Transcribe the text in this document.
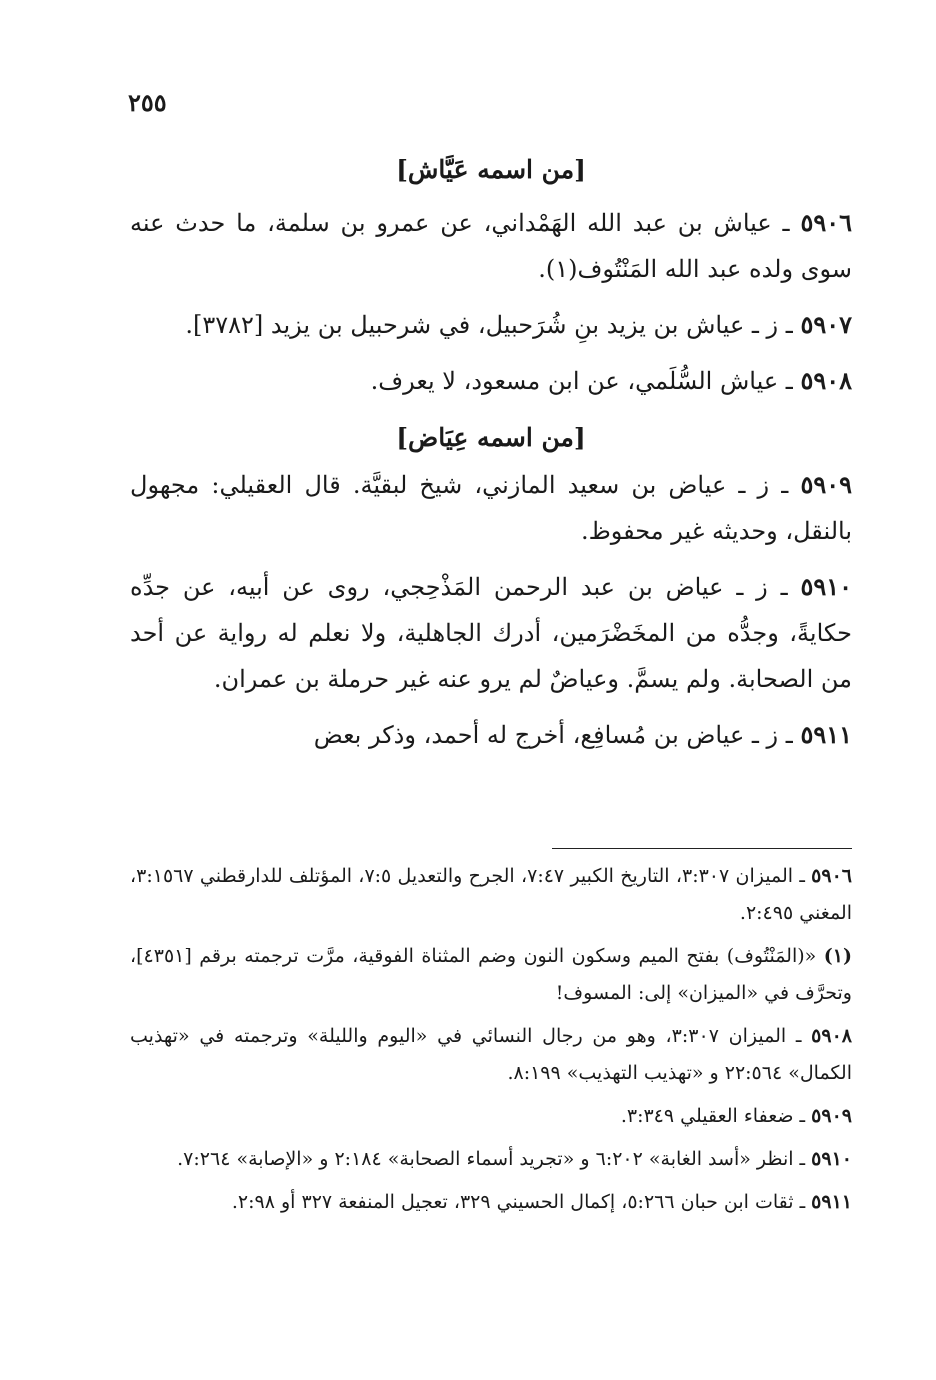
٢٥٥

[من اسمه عَيَّاش]

٥٩٠٦ ـ عياش بن عبد الله الهَمْداني، عن عمرو بن سلمة، ما حدث عنه سوى ولده عبد الله المَنْتُوف(١).

٥٩٠٧ ـ ز ـ عياش بن يزيد بنِ شُرَحبيل، في شرحبيل بن يزيد [٣٧٨٢].

٥٩٠٨ ـ عياش السُّلَمي، عن ابن مسعود، لا يعرف.

[من اسمه عِيَاض]

٥٩٠٩ ـ ز ـ عياض بن سعيد المازني، شيخ لبقيَّة. قال العقيلي: مجهول بالنقل، وحديثه غير محفوظ.

٥٩١٠ ـ ز ـ عياض بن عبد الرحمن المَذْحِجي، روى عن أبيه، عن جدِّه حكايةً، وجدُّه من المخَضْرَمين، أدرك الجاهلية، ولا نعلم له رواية عن أحد من الصحابة. ولم يسمَّ. وعياضٌ لم يرو عنه غير حرملة بن عمران.

٥٩١١ ـ ز ـ عياض بن مُسافِع، أخرج له أحمد، وذكر بعض

٥٩٠٦ ـ الميزان ٣:٣٠٧، التاريخ الكبير ٧:٤٧، الجرح والتعديل ٧:٥، المؤتلف للدارقطني ٣:١٥٦٧، المغني ٢:٤٩٥.

(١) «(المَنْتُوف) بفتح الميم وسكون النون وضم المثناة الفوقية، مرَّت ترجمته برقم [٤٣٥١]، وتحرَّف في «الميزان» إلى: المسوف!

٥٩٠٨ ـ الميزان ٣:٣٠٧، وهو من رجال النسائي في «اليوم والليلة» وترجمته في «تهذيب الكمال» ٢٢:٥٦٤ و «تهذيب التهذيب» ٨:١٩٩.

٥٩٠٩ ـ ضعفاء العقيلي ٣:٣٤٩.

٥٩١٠ ـ انظر «أسد الغابة» ٦:٢٠٢ و «تجريد أسماء الصحابة» ٢:١٨٤ و «الإصابة» ٧:٢٦٤.

٥٩١١ ـ ثقات ابن حبان ٥:٢٦٦، إكمال الحسيني ٣٢٩، تعجيل المنفعة ٣٢٧ أو ٢:٩٨.
